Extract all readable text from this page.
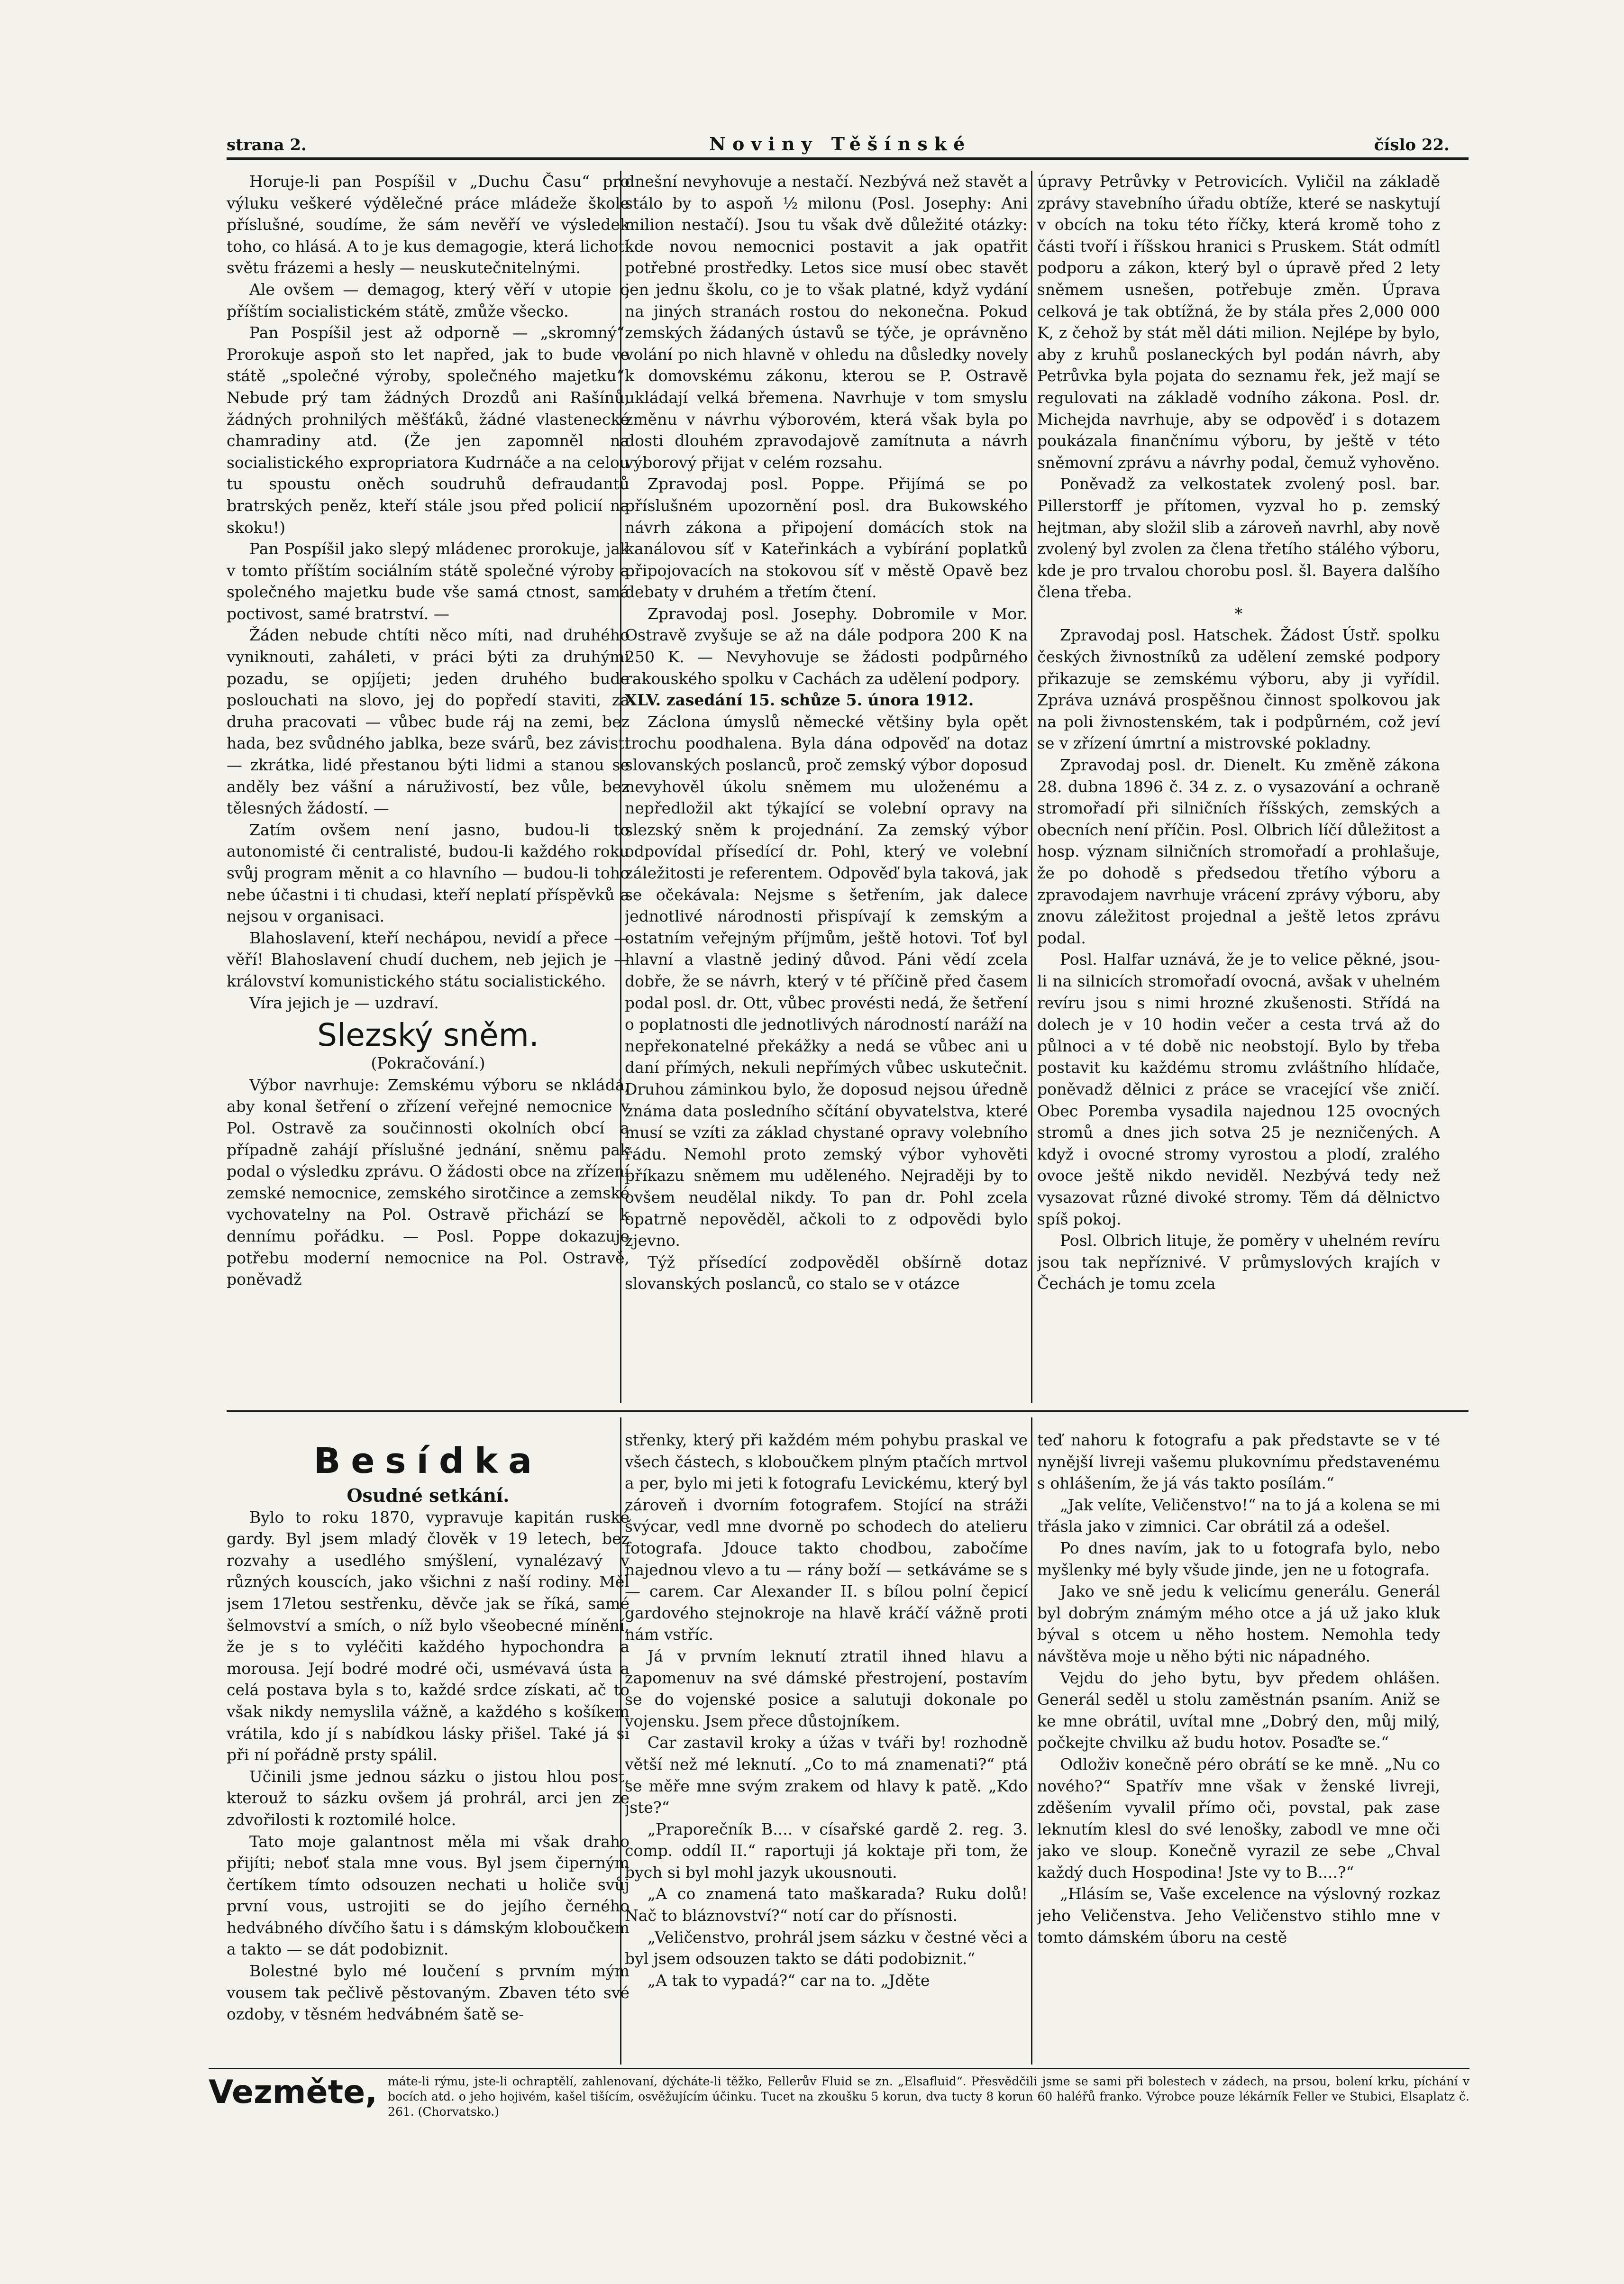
strana 2.	Noviny Těšínské	číslo 22.

Horuje-li pan Pospíšil v „Duchu Času“ pro výluku veškeré výdělečné práce mládeže škole příslušné, soudíme, že sám nevěří ve výsledek toho, co hlásá. A to je kus demagogie, která lichotí světu frázemi a hesly — neuskutečnitelnými.

Ale ovšem — demagog, který věří v utopie o příštím socialistickém státě, zmůže všecko.

Pan Pospíšil jest až odporně — „skromný“. Prorokuje aspoň sto let napřed, jak to bude ve státě „společné výroby, společného majetku“. Nebude prý tam žádných Drozdů ani Rašínů, žádných prohnilých měšťáků, žádné vlastenecké chamradiny atd. (Že jen zapomněl na socialistického expropriatora Kudrnáče a na celou tu spoustu oněch soudruhů defraudantů bratrských peněz, kteří stále jsou před policií na skoku!)

Pan Pospíšil jako slepý mládenec prorokuje, jak v tomto příštím sociálním státě společné výroby a společného majetku bude vše samá ctnost, samá poctivost, samé bratrství. —

Žáden nebude chtíti něco míti, nad druhého vyniknouti, zaháleti, v práci býti za druhými pozadu, se opjíjeti; jeden druhého bude poslouchati na slovo, jej do popředí staviti, za druha pracovati — vůbec bude ráj na zemi, bez hada, bez svůdného jablka, beze svárů, bez závisti — zkrátka, lidé přestanou býti lidmi a stanou se anděly bez vášní a náruživostí, bez vůle, bez tělesných žádostí. —

Zatím ovšem není jasno, budou-li to autonomisté či centralisté, budou-li každého roku svůj program měnit a co hlavního — budou-li toho nebe účastni i ti chudasi, kteří neplatí příspěvků a nejsou v organisaci.

Blahoslavení, kteří nechápou, nevidí a přece — věří! Blahoslavení chudí duchem, neb jejich je — království komunistického státu socialistického.

Víra jejich je — uzdraví.

Slezský sněm.

(Pokračování.)

Výbor navrhuje: Zemskému výboru se nkládá, aby konal šetření o zřízení veřejné nemocnice v Pol. Ostravě za součinnosti okolních obcí a případně zahájí příslušné jednání, sněmu pak podal o výsledku zprávu. O žádosti obce na zřízení zemské nemocnice, zemského sirotčince a zemské vychovatelny na Pol. Ostravě přichází se k dennímu pořádku. — Posl. Poppe dokazuje potřebu moderní nemocnice na Pol. Ostravě, poněvadž

dnešní nevyhovuje a nestačí. Nezbývá než stavět a stálo by to aspoň ½ milonu (Posl. Josephy: Ani milion nestačí). Jsou tu však dvě důležité otázky: kde novou nemocnici postavit a jak opatřit potřebné prostředky. Letos sice musí obec stavět jen jednu školu, co je to však platné, když vydání na jiných stranách rostou do nekonečna. Pokud zemských žádaných ústavů se týče, je oprávněno volání po nich hlavně v ohledu na důsledky novely k domovskému zákonu, kterou se P. Ostravě ukládají velká břemena. Navrhuje v tom smyslu změnu v návrhu výborovém, která však byla po dosti dlouhém zpravodajově zamítnuta a návrh výborový přijat v celém rozsahu.

Zpravodaj posl. Poppe. Přijímá se po příslušném upozornění posl. dra Bukowského návrh zákona a připojení domácích stok na kanálovou síť v Kateřinkách a vybírání poplatků připojovacích na stokovou síť v městě Opavě bez debaty v druhém a třetím čtení.

Zpravodaj posl. Josephy. Dobromile v Mor. Ostravě zvyšuje se až na dále podpora 200 K na 250 K. — Nevyhovuje se žádosti podpůrného rakouského spolku v Cachách za udělení podpory.

XLV. zasedání 15. schůze 5. února 1912.

Záclona úmyslů německé většiny byla opět trochu poodhalena. Byla dána odpověď na dotaz slovanských poslanců, proč zemský výbor doposud nevyhověl úkolu sněmem mu uloženému a nepředložil akt týkající se volební opravy na slezský sněm k projednání. Za zemský výbor odpovídal přísedící dr. Pohl, který ve volební záležitosti je referentem. Odpověď byla taková, jak se očekávala: Nejsme s šetřením, jak dalece jednotlivé národnosti přispívají k zemským a ostatním veřejným příjmům, ještě hotovi. Toť byl hlavní a vlastně jediný důvod. Páni vědí zcela dobře, že se návrh, který v té příčině před časem podal posl. dr. Ott, vůbec provésti nedá, že šetření o poplatnosti dle jednotlivých národností naráží na nepřekonatelné překážky a nedá se vůbec ani u daní přímých, nekuli nepřímých vůbec uskutečnit. Druhou záminkou bylo, že doposud nejsou úředně známa data posledního sčítání obyvatelstva, které musí se vzíti za základ chystané opravy volebního řádu. Nemohl proto zemský výbor vyhověti příkazu sněmem mu uděleného. Nejraději by to ovšem neudělal nikdy. To pan dr. Pohl zcela opatrně nepověděl, ačkoli to z odpovědi bylo zjevno.

Týž přísedící zodpověděl obšírně dotaz slovanských poslanců, co stalo se v otázce

úpravy Petrůvky v Petrovicích. Vyličil na základě zprávy stavebního úřadu obtíže, které se naskytují v obcích na toku této říčky, která kromě toho z části tvoří i říšskou hranici s Pruskem. Stát odmítl podporu a zákon, který byl o úpravě před 2 lety sněmem usnešen, potřebuje změn. Úprava celková je tak obtížná, že by stála přes 2,000 000 K, z čehož by stát měl dáti milion. Nejlépe by bylo, aby z kruhů poslaneckých byl podán návrh, aby Petrůvka byla pojata do seznamu řek, jež mají se regulovati na základě vodního zákona. Posl. dr. Michejda navrhuje, aby se odpověď i s dotazem poukázala finančnímu výboru, by ještě v této sněmovní zprávu a návrhy podal, čemuž vyhověno.

Poněvadž za velkostatek zvolený posl. bar. Pillerstorff je přítomen, vyzval ho p. zemský hejtman, aby složil slib a zároveň navrhl, aby nově zvolený byl zvolen za člena třetího stálého výboru, kde je pro trvalou chorobu posl. šl. Bayera dalšího člena třeba.

*

Zpravodaj posl. Hatschek. Žádost Ústř. spolku českých živnostníků za udělení zemské podpory přikazuje se zemskému výboru, aby ji vyřídil. Zpráva uznává prospěšnou činnost spolkovou jak na poli živnostenském, tak i podpůrném, což jeví se v zřízení úmrtní a mistrovské pokladny.

Zpravodaj posl. dr. Dienelt. Ku změně zákona 28. dubna 1896 č. 34 z. z. o vysazování a ochraně stromořadí při silničních říšských, zemských a obecních není příčin. Posl. Olbrich líčí důležitost a hosp. význam silničních stromořadí a prohlašuje, že po dohodě s předsedou třetího výboru a zpravodajem navrhuje vrácení zprávy výboru, aby znovu záležitost projednal a ještě letos zprávu podal.

Posl. Halfar uznává, že je to velice pěkné, jsou-li na silnicích stromořadí ovocná, avšak v uhelném revíru jsou s nimi hrozné zkušenosti. Střídá na dolech je v 10 hodin večer a cesta trvá až do půlnoci a v té době nic neobstojí. Bylo by třeba postavit ku každému stromu zvláštního hlídače, poněvadž dělnici z práce se vracející vše zničí. Obec Poremba vysadila najednou 125 ovocných stromů a dnes jich sotva 25 je nezničených. A když i ovocné stromy vyrostou a plodí, zralého ovoce ještě nikdo neviděl. Nezbývá tedy než vysazovat různé divoké stromy. Těm dá dělnictvo spíš pokoj.

Posl. Olbrich lituje, že poměry v uhelném revíru jsou tak nepříznivé. V průmyslových krajích v Čechách je tomu zcela

Besídka

Osudné setkání.

Bylo to roku 1870, vypravuje kapitán ruské gardy. Byl jsem mladý člověk v 19 letech, bez rozvahy a usedlého smýšlení, vynalézavý v různých kouscích, jako všichni z naší rodiny. Měl jsem 17letou sestřenku, děvče jak se říká, samé šelmovství a smích, o níž bylo všeobecné mínění, že je s to vyléčiti každého hypochondra a morousa. Její bodré modré oči, usmévavá ústa a celá postava byla s to, každé srdce získati, ač to však nikdy nemyslila vážně, a každého s košíkem vrátila, kdo jí s nabídkou lásky přišel. Také já si při ní pořádně prsty spálil.

Učinili jsme jednou sázku o jistou hlou post, kterouž to sázku ovšem já prohrál, arci jen ze zdvořilosti k roztomilé holce.

Tato moje galantnost měla mi však draho přijíti; neboť stala mne vous. Byl jsem čiperným čertíkem tímto odsouzen nechati u holiče svůj první vous, ustrojiti se do jejího černého hedvábného dívčího šatu i s dámským kloboučkem a takto — se dát podobiznit.

Bolestné bylo mé loučení s prvním mým vousem tak pečlivě pěstovaným. Zbaven této své ozdoby, v těsném hedvábném šatě se-

střenky, který při každém mém pohybu praskal ve všech částech, s kloboučkem plným ptačích mrtvol a per, bylo mi jeti k fotografu Levickému, který byl zároveň i dvorním fotografem. Stojící na stráži švýcar, vedl mne dvorně po schodech do atelieru fotografa. Jdouce takto chodbou, zabočíme najednou vlevo a tu — rány boží — setkáváme se s — carem. Car Alexander II. s bílou polní čepicí gardového stejnokroje na hlavě kráčí vážně proti nám vstříc.

Já v prvním leknutí ztratil ihned hlavu a zapomenuv na své dámské přestrojení, postavím se do vojenské posice a salutuji dokonale po vojensku. Jsem přece důstojníkem.

Car zastavil kroky a úžas v tváři by! rozhodně větší než mé leknutí. „Co to má znamenati?“ ptá se měře mne svým zrakem od hlavy k patě. „Kdo jste?“

„Praporečník B.... v císařské gardě 2. reg. 3. comp. oddíl II.“ raportuji já koktaje při tom, že bych si byl mohl jazyk ukousnouti.

„A co znamená tato maškarada? Ruku dolů! Nač to bláznovství?“ notí car do přísnosti.

„Veličenstvo, prohrál jsem sázku v čestné věci a byl jsem odsouzen takto se dáti podobiznit.“

„A tak to vypadá?“ car na to. „Jděte

teď nahoru k fotografu a pak představte se v té nynější livreji vašemu plukovnímu představenému s ohlášením, že já vás takto posílám.“

„Jak velíte, Veličenstvo!“ na to já a kolena se mi třásla jako v zimnici. Car obrátil zá a odešel.

Po dnes navím, jak to u fotografa bylo, nebo myšlenky mé byly všude jinde, jen ne u fotografa.

Jako ve sně jedu k velicímu generálu. Generál byl dobrým známým mého otce a já už jako kluk býval s otcem u něho hostem. Nemohla tedy návštěva moje u něho býti nic nápadného.

Vejdu do jeho bytu, byv předem ohlášen. Generál seděl u stolu zaměstnán psaním. Aniž se ke mne obrátil, uvítal mne „Dobrý den, můj milý, počkejte chvilku až budu hotov. Posaďte se.“

Odloživ konečně péro obrátí se ke mně. „Nu co nového?“ Spatřív mne však v ženské livreji, zděšením vyvalil přímo oči, povstal, pak zase leknutím klesl do své lenošky, zabodl ve mne oči jako ve sloup. Konečně vyrazil ze sebe „Chval každý duch Hospodina! Jste vy to B....?“

„Hlásím se, Vaše excelence na výslovný rozkaz jeho Veličenstva. Jeho Veličenstvo stihlo mne v tomto dámském úboru na cestě

Vezměte, máte-li rýmu, jste-li ochraptělí, zahlenovaní, dýcháte-li těžko, Fellerův Fluid se zn. „Elsafluid“. Přesvědčili jsme se sami při bolestech v zádech, na prsou, bolení krku, píchání v bocích atd. o jeho hojivém, kašel tišícím, osvěžujícím účinku. Tucet na zkoušku 5 korun, dva tucty 8 korun 60 haléřů franko. Výrobce pouze lékárník Feller ve Stubici, Elsaplatz č. 261. (Chorvatsko.)
